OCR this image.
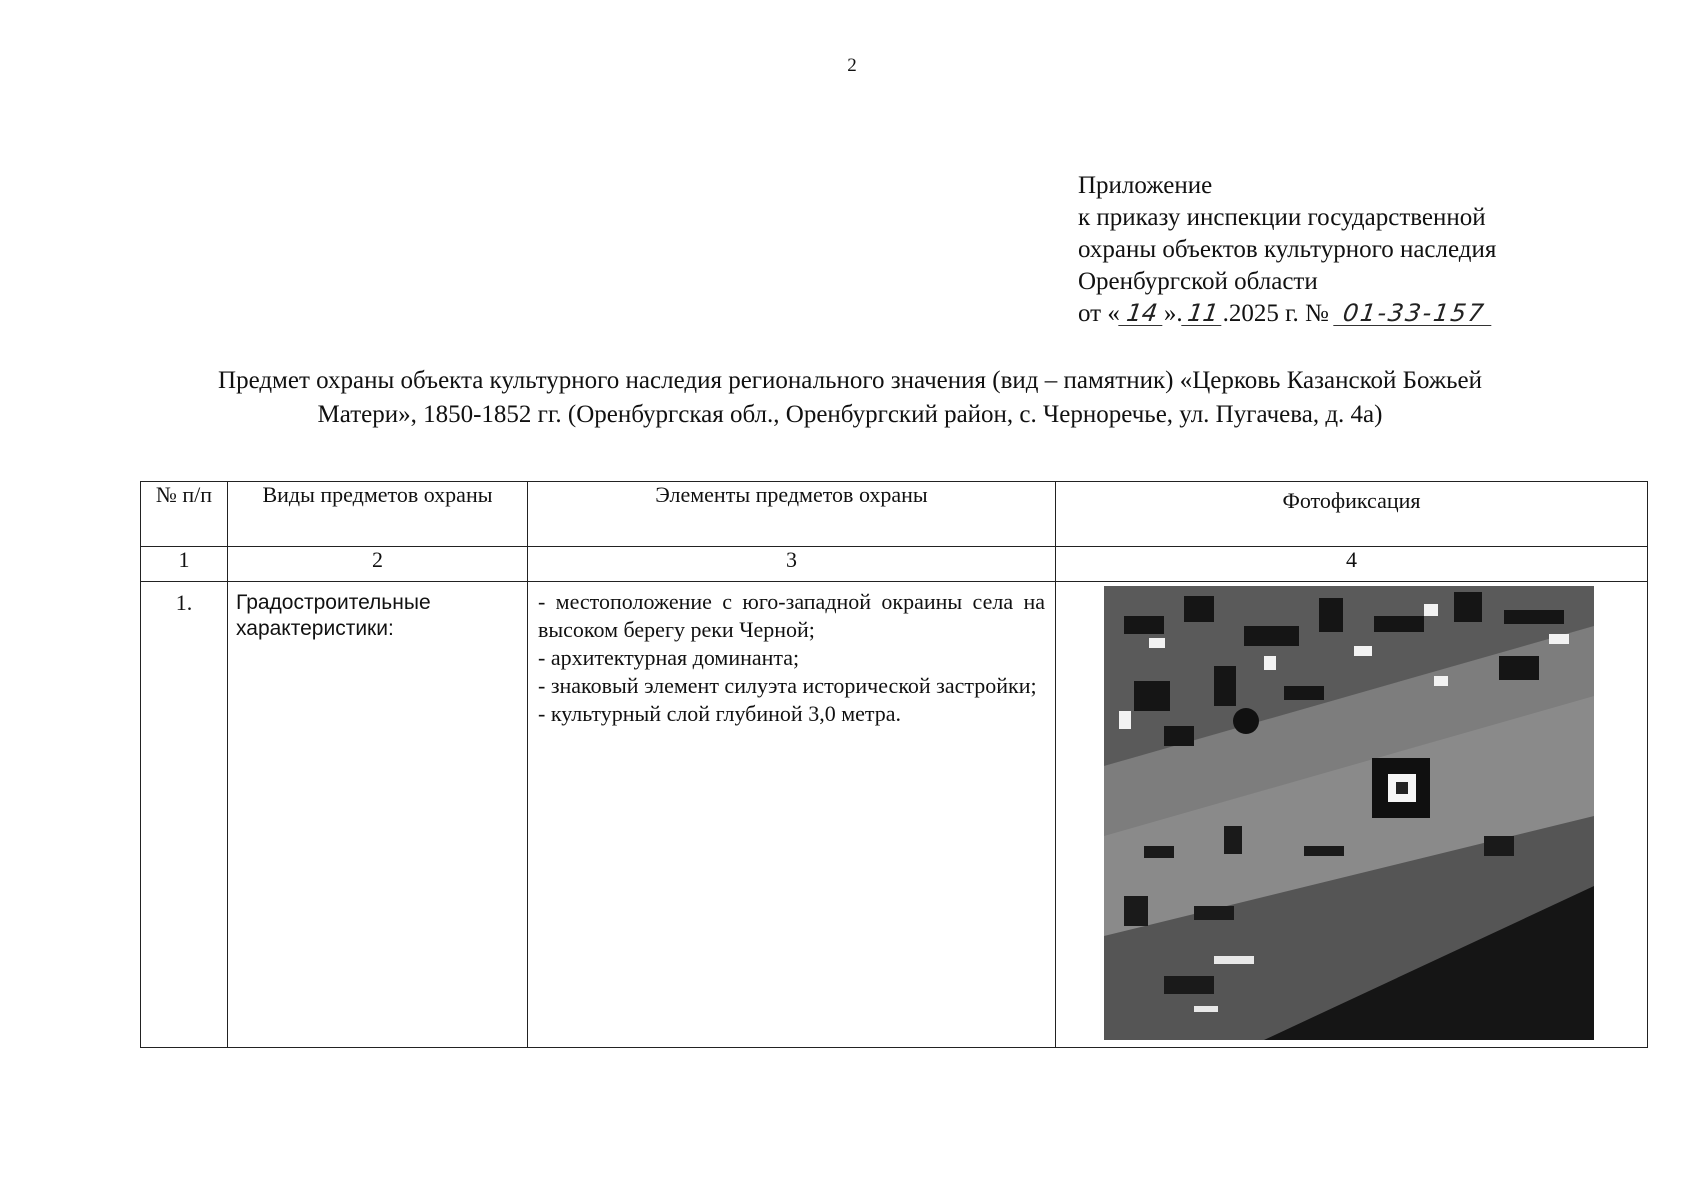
2
Приложение
к приказу инспекции государственной
охраны объектов культурного наследия
Оренбургской области
от « 14 ». 11 .2025 г. № 01-33-157
Предмет охраны объекта культурного наследия регионального значения (вид – памятник) «Церковь Казанской Божьей
Матери», 1850-1852 гг. (Оренбургская обл., Оренбургский район, с. Черноречье, ул. Пугачева, д. 4а)
№ п/п	Виды предметов охраны	Элементы предметов охраны	Фотофиксация
1	2	3	4
1.	Градостроительные характеристики:	- местоположение с юго-западной окраины села на высоком берегу реки Черной;
- архитектурная доминанта;
- знаковый элемент силуэта исторической застройки;
- культурный слой глубиной 3,0 метра.
